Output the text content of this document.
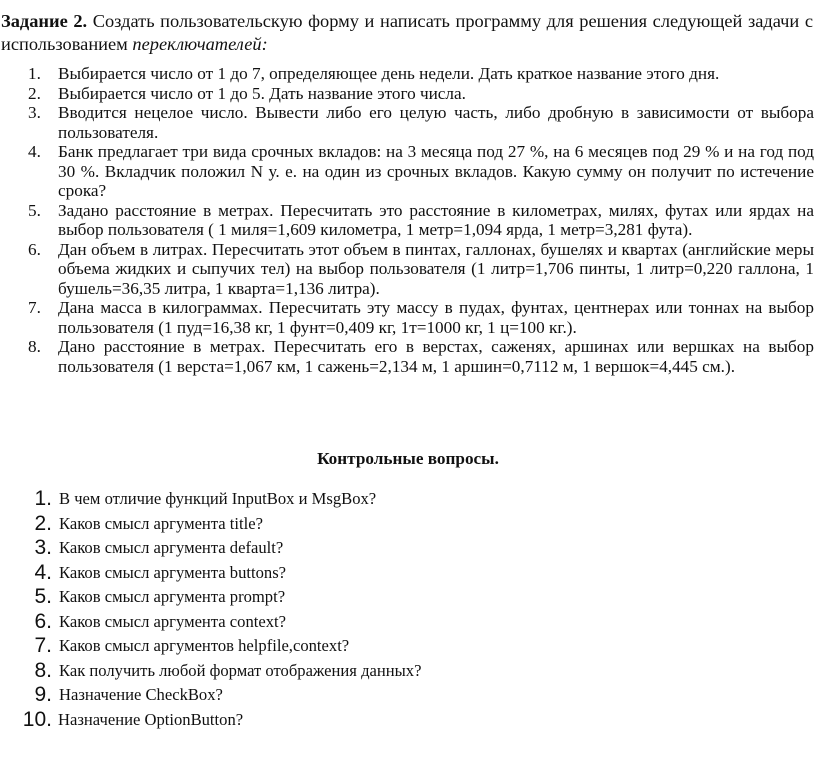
Задание 2. Создать пользовательскую форму и написать программу для решения следующей задачи с использованием переключателей:
1. Выбирается число от 1 до 7, определяющее день недели. Дать краткое название этого дня.
2. Выбирается число от 1 до 5. Дать название этого числа.
3. Вводится нецелое число. Вывести либо его целую часть, либо дробную в зависимости от выбора пользователя.
4. Банк предлагает три вида срочных вкладов: на 3 месяца под 27 %, на 6 месяцев под 29 % и на год под 30 %. Вкладчик положил N у. е. на один из срочных вкладов. Какую сумму он получит по истечение срока?
5. Задано расстояние в метрах. Пересчитать это расстояние в километрах, милях, футах или ярдах на выбор пользователя ( 1 миля=1,609 километра, 1 метр=1,094 ярда, 1 метр=3,281 фута).
6. Дан объем в литрах. Пересчитать этот объем в пинтах, галлонах, бушелях и квартах (английские меры объема жидких и сыпучих тел) на выбор пользователя (1 литр=1,706 пинты, 1 литр=0,220 галлона, 1 бушель=36,35 литра, 1 кварта=1,136 литра).
7. Дана масса в килограммах. Пересчитать эту массу в пудах, фунтах, центнерах или тоннах на выбор пользователя (1 пуд=16,38 кг, 1 фунт=0,409 кг, 1т=1000 кг, 1 ц=100 кг.).
8. Дано расстояние в метрах. Пересчитать его в верстах, саженях, аршинах или вершках на выбор пользователя (1 верста=1,067 км, 1 сажень=2,134 м, 1 аршин=0,7112 м, 1 вершок=4,445 см.).
Контрольные вопросы.
1. В чем отличие функций InputBox и MsgBox?
2. Каков смысл аргумента title?
3. Каков смысл аргумента default?
4. Каков смысл аргумента buttons?
5. Каков смысл аргумента prompt?
6. Каков смысл аргумента context?
7. Каков смысл аргументов helpfile,context?
8. Как получить любой формат отображения данных?
9. Назначение CheckBox?
10. Назначение OptionButton?
